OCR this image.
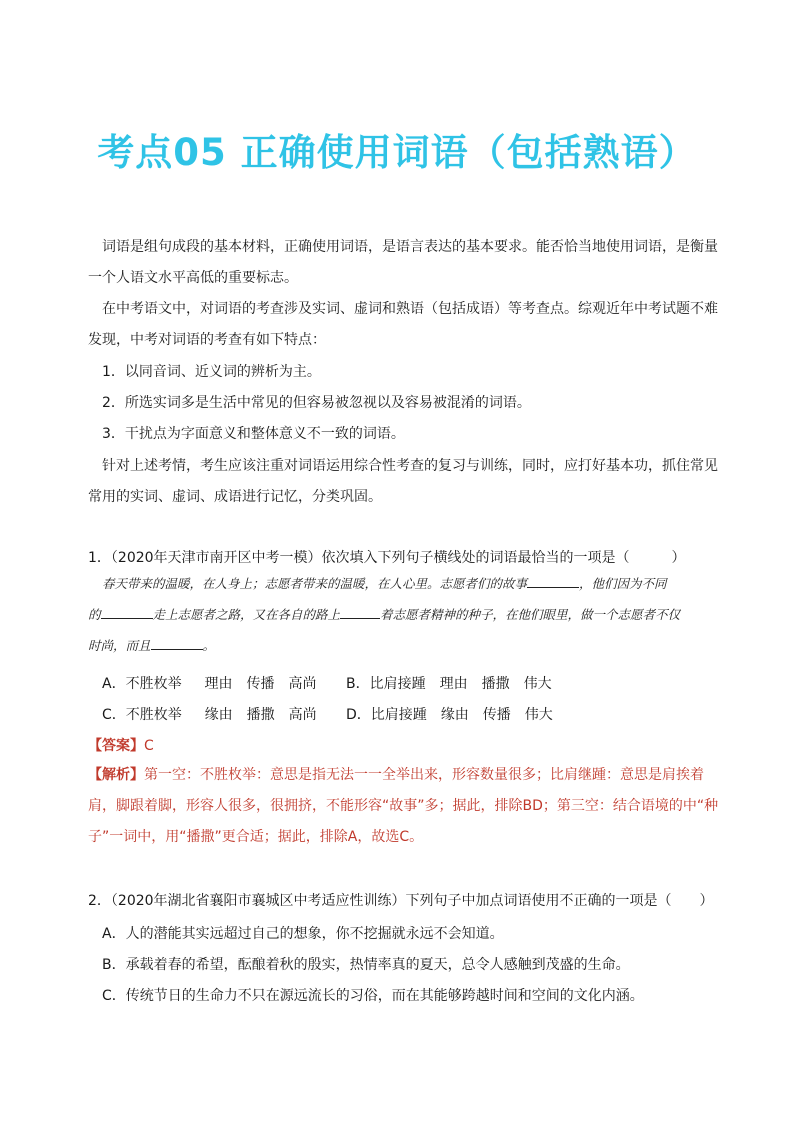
考点05 正确使用词语（包括熟语）

词语是组句成段的基本材料，正确使用词语，是语言表达的基本要求。能否恰当地使用词语，是衡量一个人语文水平高低的重要标志。

在中考语文中，对词语的考查涉及实词、虚词和熟语（包括成语）等考查点。综观近年中考试题不难发现，中考对词语的考查有如下特点：

1．以同音词、近义词的辨析为主。

2．所选实词多是生活中常见的但容易被忽视以及容易被混淆的词语。

3．干扰点为字面意义和整体意义不一致的词语。

针对上述考情，考生应该注重对词语运用综合性考查的复习与训练，同时，应打好基本功，抓住常见常用的实词、虚词、成语进行记忆，分类巩固。

1．（2020年天津市南开区中考一模）依次填入下列句子横线处的词语最恰当的一项是（　　　）

春天带来的温暖，在人身上；志愿者带来的温暖，在人心里。志愿者们的故事	，他们因为不同

的	走上志愿者之路，又在各自的路上	着志愿者精神的种子，在他们眼里，做一个志愿者不仅

时尚，而且	。

A．不胜枚举　  理由　传播　高尚 B．比肩接踵　理由　播撒　伟大
C．不胜枚举　  缘由　播撒　高尚 D．比肩接踵　缘由　传播　伟大
【答案】C

【解析】第一空：不胜枚举：意思是指无法一一全举出来，形容数量很多；比肩继踵：意思是肩挨着肩，脚跟着脚，形容人很多，很拥挤，不能形容“故事”多；据此，排除BD；第三空：结合语境的中“种子”一词中，用“播撒”更合适；据此，排除A，故选C。

2．（2020年湖北省襄阳市襄城区中考适应性训练）下列句子中加点词语使用不正确的一项是（　　）

A．人的潜能其实远超过自己的想象，你不挖掘就永远不会知道。

B．承载着春的希望，酝酿着秋的殷实，热情率真的夏天，总令人感触到茂盛的生命。

C．传统节日的生命力不只在源远流长的习俗，而在其能够跨越时间和空间的文化内涵。
